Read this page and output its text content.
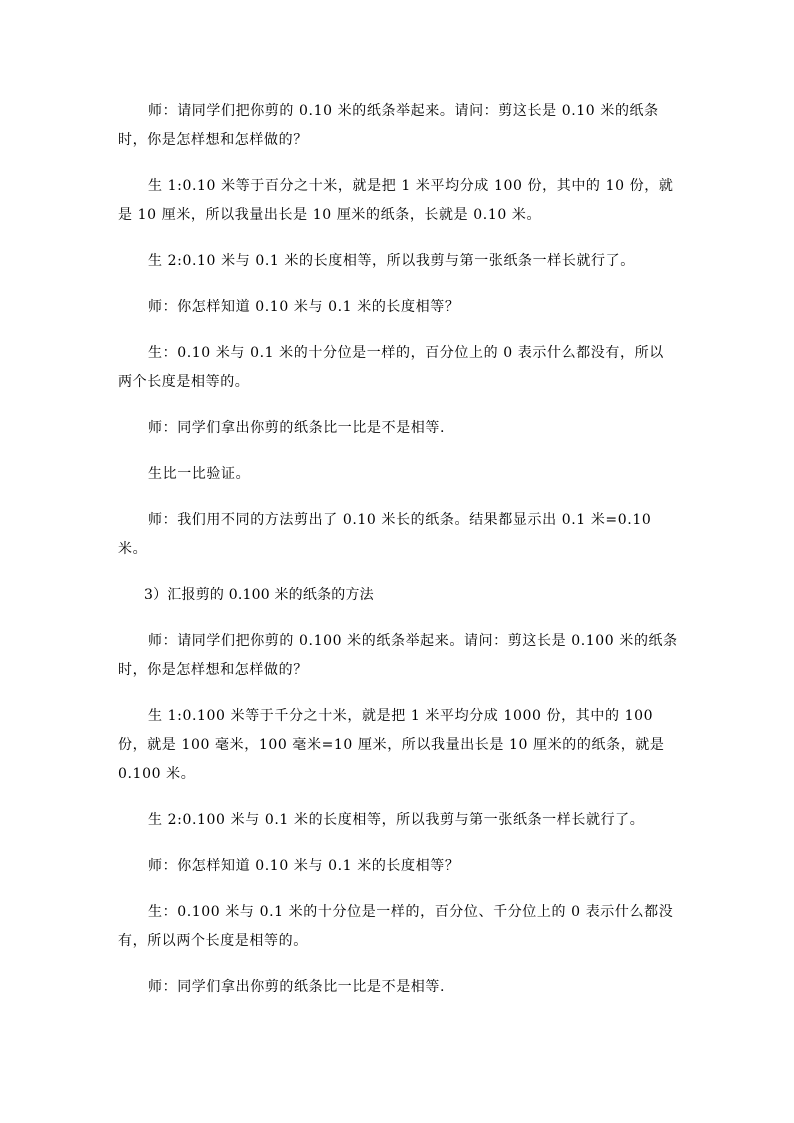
师：请同学们把你剪的 0.10 米的纸条举起来。请问：剪这长是 0.10 米的纸条时，你是怎样想和怎样做的？

生 1:0.10 米等于百分之十米，就是把 1 米平均分成 100 份，其中的 10 份，就是 10 厘米，所以我量出长是 10 厘米的纸条，长就是 0.10 米。

生 2:0.10 米与 0.1 米的长度相等，所以我剪与第一张纸条一样长就行了。

师：你怎样知道 0.10 米与 0.1 米的长度相等？

生：0.10 米与 0.1 米的十分位是一样的，百分位上的 0 表示什么都没有，所以两个长度是相等的。

师：同学们拿出你剪的纸条比一比是不是相等.

生比一比验证。

师：我们用不同的方法剪出了 0.10 米长的纸条。结果都显示出 0.1 米=0.10 米。

3）汇报剪的 0.100 米的纸条的方法

师：请同学们把你剪的 0.100 米的纸条举起来。请问：剪这长是 0.100 米的纸条时，你是怎样想和怎样做的？

生 1:0.100 米等于千分之十米，就是把 1 米平均分成 1000 份，其中的 100 份，就是 100 毫米，100 毫米=10 厘米，所以我量出长是 10 厘米的的纸条，就是 0.100 米。

生 2:0.100 米与 0.1 米的长度相等，所以我剪与第一张纸条一样长就行了。

师：你怎样知道 0.10 米与 0.1 米的长度相等？

生：0.100 米与 0.1 米的十分位是一样的，百分位、千分位上的 0 表示什么都没有，所以两个长度是相等的。

师：同学们拿出你剪的纸条比一比是不是相等.
